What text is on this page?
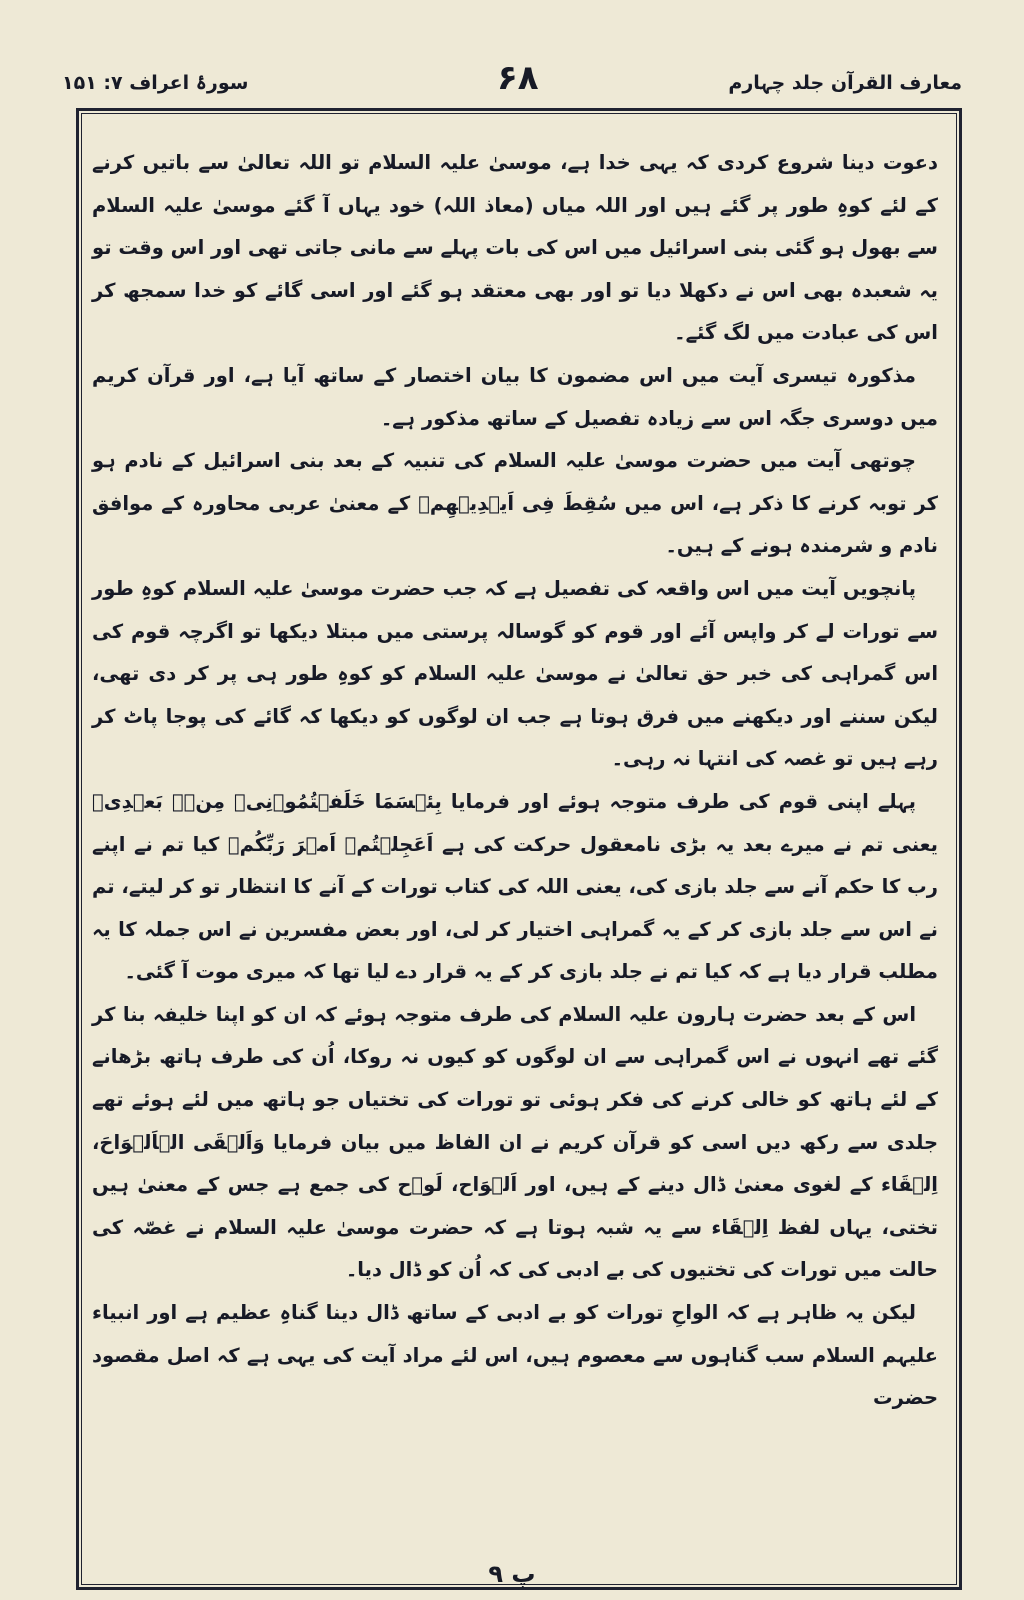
معارف القرآن جلد چہارم
۶۸
سورۂ اعراف ۷: ۱۵۱

دعوت دینا شروع کردی کہ یہی خدا ہے، موسیٰ علیہ السلام تو اللہ تعالیٰ سے باتیں کرنے کے لئے کوہِ طور پر گئے ہیں اور اللہ میاں (معاذ اللہ) خود یہاں آ گئے موسیٰ علیہ السلام سے بھول ہو گئی بنی اسرائیل میں اس کی بات پہلے سے مانی جاتی تھی اور اس وقت تو یہ شعبدہ بھی اس نے دکھلا دیا تو اور بھی معتقد ہو گئے اور اسی گائے کو خدا سمجھ کر اس کی عبادت میں لگ گئے۔

مذکورہ تیسری آیت میں اس مضمون کا بیان اختصار کے ساتھ آیا ہے، اور قرآن کریم میں دوسری جگہ اس سے زیادہ تفصیل کے ساتھ مذکور ہے۔

چوتھی آیت میں حضرت موسیٰ علیہ السلام کی تنبیہ کے بعد بنی اسرائیل کے نادم ہو کر توبہ کرنے کا ذکر ہے، اس میں سُقِطَ فِی اَیۡدِیۡهِمۡ کے معنیٰ عربی محاورہ کے موافق نادم و شرمندہ ہونے کے ہیں۔

پانچویں آیت میں اس واقعہ کی تفصیل ہے کہ جب حضرت موسیٰ علیہ السلام کوہِ طور سے تورات لے کر واپس آئے اور قوم کو گوسالہ پرستی میں مبتلا دیکھا تو اگرچہ قوم کی اس گمراہی کی خبر حق تعالیٰ نے موسیٰ علیہ السلام کو کوہِ طور ہی پر کر دی تھی، لیکن سننے اور دیکھنے میں فرق ہوتا ہے جب ان لوگوں کو دیکھا کہ گائے کی پوجا پاٹ کر رہے ہیں تو غصہ کی انتہا نہ رہی۔

پہلے اپنی قوم کی طرف متوجہ ہوئے اور فرمایا بِئۡسَمَا خَلَفۡتُمُوۡنِیۡ مِنۡۢ بَعۡدِیۡ یعنی تم نے میرے بعد یہ بڑی نامعقول حرکت کی ہے اَعَجِلۡتُمۡ اَمۡرَ رَبِّكُمۡ کیا تم نے اپنے رب کا حکم آنے سے جلد بازی کی، یعنی اللہ کی کتاب تورات کے آنے کا انتظار تو کر لیتے، تم نے اس سے جلد بازی کر کے یہ گمراہی اختیار کر لی، اور بعض مفسرین نے اس جملہ کا یہ مطلب قرار دیا ہے کہ کیا تم نے جلد بازی کر کے یہ قرار دے لیا تھا کہ میری موت آ گئی۔

اس کے بعد حضرت ہارون علیہ السلام کی طرف متوجہ ہوئے کہ ان کو اپنا خلیفہ بنا کر گئے تھے انہوں نے اس گمراہی سے ان لوگوں کو کیوں نہ روکا، اُن کی طرف ہاتھ بڑھانے کے لئے ہاتھ کو خالی کرنے کی فکر ہوئی تو تورات کی تختیاں جو ہاتھ میں لئے ہوئے تھے جلدی سے رکھ دیں اسی کو قرآن کریم نے ان الفاظ میں بیان فرمایا وَاَلۡقَی الۡاَلۡوَاحَ، اِلۡقَاء کے لغوی معنیٰ ڈال دینے کے ہیں، اور اَلۡوَاح، لَوۡح کی جمع ہے جس کے معنیٰ ہیں تختی، یہاں لفظ اِلۡقَاء سے یہ شبہ ہوتا ہے کہ حضرت موسیٰ علیہ السلام نے غصّہ کی حالت میں تورات کی تختیوں کی بے ادبی کی کہ اُن کو ڈال دیا۔

لیکن یہ ظاہر ہے کہ الواحِ تورات کو بے ادبی کے ساتھ ڈال دینا گناہِ عظیم ہے اور انبیاء علیہم السلام سب گناہوں سے معصوم ہیں، اس لئے مراد آیت کی یہی ہے کہ اصل مقصود حضرت

پ ۹
